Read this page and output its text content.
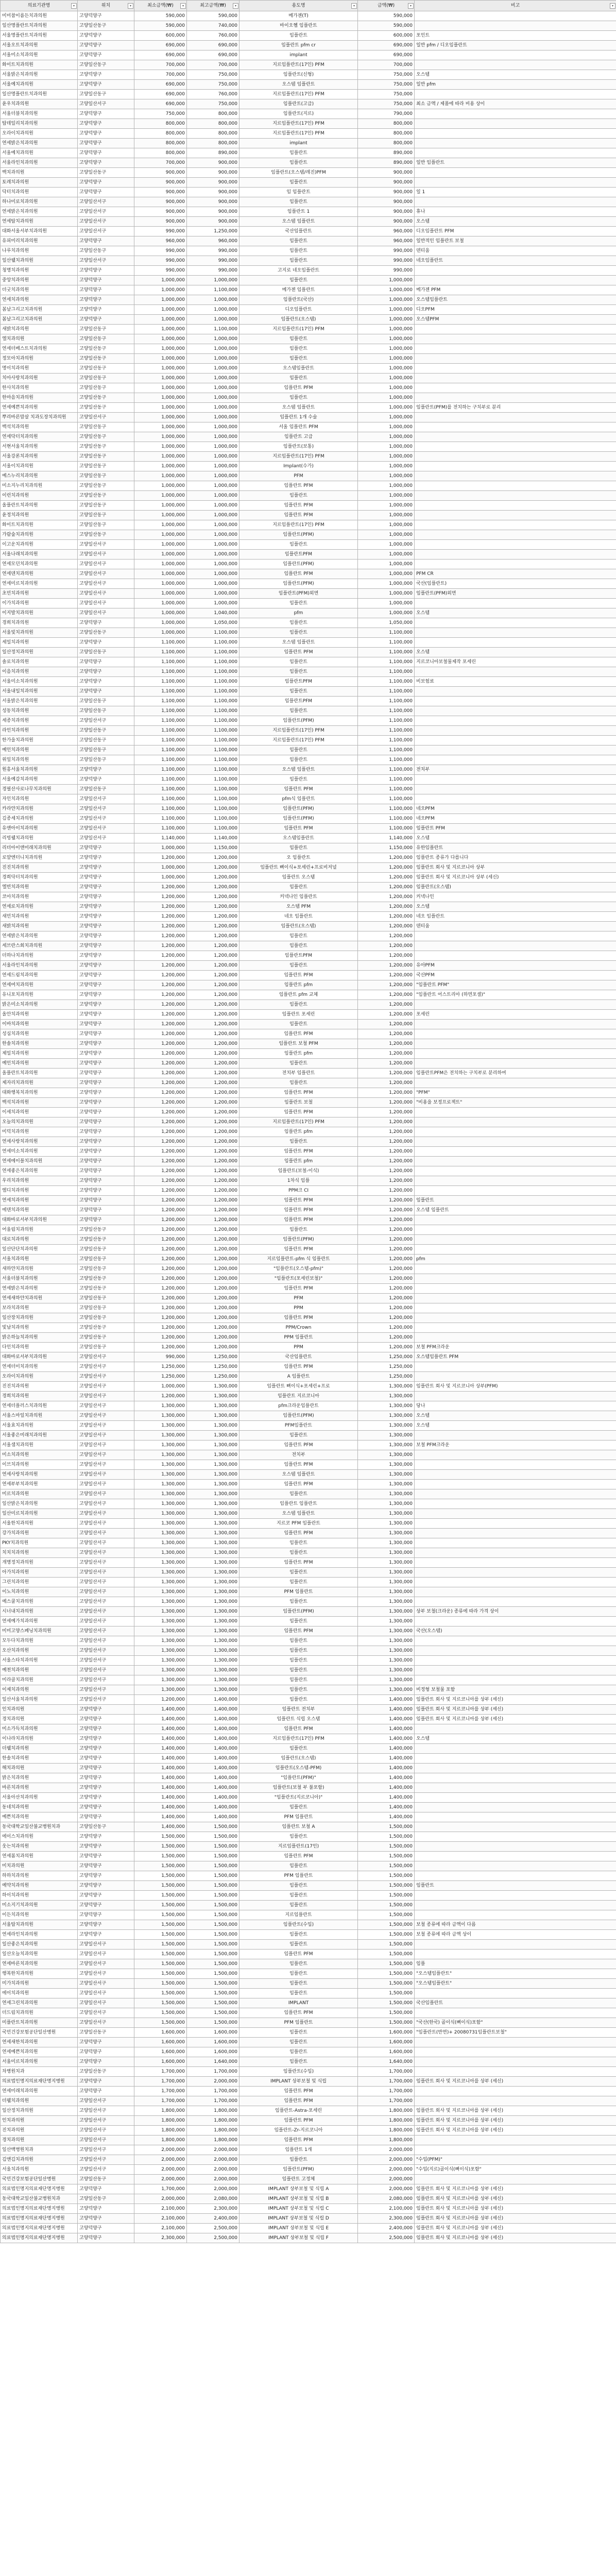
의료기관명 ▾	위치 ▾	최소금액(₩) ▾	최고금액(₩) ▾	용도명 ▾	금액(₩) ▾	비고 ▾

미미참이름든치과의원	고양덕양구	590,000	590,000	메가젠(T)	590,000	
일산명플란트치과의원	고양일산동구	590,000	740,000	바이오헴 임플란트	590,000	
서울명플란트치과의원	고양덕양구	600,000	760,000	임플란트	600,000	포인트
서울오트치과의원	고양덕양구	690,000	690,000	임플란트 pfm cr	690,000	일반 pfm / 디오임플란트
서울미소치과의원	고양덕양구	690,000	690,000	implant	690,000	
화이트치과의원	고양일산동구	700,000	700,000	지르임플란트(17인) PFM	700,000	
서울밝은치과의원	고양덕양구	700,000	750,000	임플란트(신형)	750,000	오스템
서울예치과의원	고양덕양구	690,000	750,000	오스템 임플란트	750,000	일반 pfm
일산명플란트치과의원	고양일산동구	690,000	760,000	지르임플란트(17인) PFM	750,000	
윤우치과의원	고양일산서구	690,000	750,000	임플란트(고급)	750,000	최소 금액 / 제품에 따라 비용 상이
서울더블치과의원	고양덕양구	750,000	800,000	임플란트(지르)	790,000	
탑데일리치과의원	고양덕양구	800,000	800,000	지르임플란트(17인) PFM	800,000	
오라이치과의원	고양덕양구	800,000	800,000	지르임플란트(17인) PFM	800,000	
연세밝은치과의원	고양덕양구	800,000	800,000	implant	800,000	
서울예치과의원	고양덕양구	800,000	890,000	임플란트	890,000	
서울라인치과의원	고양덕양구	700,000	900,000	임플란트	890,000	일반 임플란트
백치과의원	고양일산동구	900,000	900,000	임플란트(오스템/레진)PFM	900,000	
토레치과의원	고양덕양구	900,000	900,000	임플란트	900,000	
닥터치과의원	고양덕양구	900,000	900,000	임 임플란트	900,000	일 1
하나미로치과의원	고양일산서구	900,000	900,000	임플란트	900,000	
연세밝은치과의원	고양일산서구	900,000	900,000	임플란트 1	900,000	휴나
연세탑치과의원	고양일산서구	900,000	900,000	오스템 임플란트	900,000	오스템
대화서울서부치과의원	고양일산서구	990,000	1,250,000	국산임플란트	960,000	디오임플란트 PFM
유피미리치과의원	고양덕양구	960,000	960,000	임플란트	960,000	일반적인 임플란트 보철
나루치과의원	고양일산동구	990,000	990,000	임플란트	990,000	덴티움
일산웰치과의원	고양일산서구	990,000	990,000	임플란트	990,000	네오임플란트
청명치과의원	고양덕양구	990,000	990,000	고지로 네오임플란트	990,000	
중앙치과의원	고양덕양구	1,000,000	1,000,000	임플란트	1,000,000	
더굿치과의원	고양덕양구	1,000,000	1,100,000	메가젠 임플란트	1,000,000	메가젠 PFM
연세치과의원	고양덕양구	1,000,000	1,000,000	임플란트(국산)	1,000,000	오스템임플란트
봄날그리고치과의원	고양덕양구	1,000,000	1,000,000	디오임플란트	1,000,000	디오PFM
봄날그리고치과의원	고양덕양구	1,000,000	1,000,000	임플란트(오스템)	1,000,000	오스템PFM
새밝치과의원	고양일산동구	1,000,000	1,100,000	지르임플란트(17인) PFM	1,000,000	
엘치과의원	고양일산동구	1,000,000	1,000,000	임플란트	1,000,000	
연세더베스트치과의원	고양일산동구	1,000,000	1,000,000	임플란트	1,000,000	
정모아치과의원	고양일산동구	1,000,000	1,000,000	임플란트	1,000,000	
명이치과의원	고양일산동구	1,000,000	1,000,000	오스템임플란트	1,000,000	
치아사랑치과의원	고양일산동구	1,000,000	1,000,000	임플란트	1,000,000	
한사치과의원	고양일산동구	1,000,000	1,000,000	임플란트 PFM	1,000,000	
한마음치과의원	고양일산동구	1,000,000	1,000,000	임플란트	1,000,000	
연세예쁜치과의원	고양일산동구	1,000,000	1,000,000	오스템 임플란트	1,000,000	임플란트(PFM)를 전치하는 구치부로 분리
뿌리바른맘살 치과도장치과의원	고양일산서구	1,000,000	1,000,000	임플란트 1개 수술	1,000,000	
백석치과의원	고양일산동구	1,000,000	1,000,000	서울 임플란트 PFM	1,000,000	
연세닥터치과의원	고양일산동구	1,000,000	1,000,000	임플란트 고급	1,000,000	
서현서울치과의원	고양일산동구	1,000,000	1,000,000	임플란트(보통)	1,000,000	
서울강론치과의원	고양일산동구	1,000,000	1,000,000	지르임플란트(17인) PFM	1,000,000	
서울이치과의원	고양일산동구	1,000,000	1,000,000	Implant(수가)	1,000,000	
예스누리치과의원	고양일산동구	1,000,000	1,000,000	PFM	1,000,000	
미소지누리치과의원	고양일산동구	1,000,000	1,000,000	임플란트 PFM	1,000,000	
이런치과의원	고양일산동구	1,000,000	1,000,000	임플란트	1,000,000	
올플란트치과의원	고양일산동구	1,000,000	1,000,000	임플란트 PFM	1,000,000	
윤정치과의원	고양일산동구	1,000,000	1,000,000	임플란트 PFM	1,000,000	
화이트치과의원	고양일산동구	1,000,000	1,000,000	지르임플란트(17인) PFM	1,000,000	
가람숲치과의원	고양일산동구	1,000,000	1,000,000	임플란트(PFM)	1,000,000	
이고운치과의원	고양일산서구	1,000,000	1,000,000	임플란트	1,000,000	
서울나래치과의원	고양일산서구	1,000,000	1,000,000	임플란트PFM	1,000,000	
연세모던치과의원	고양일산서구	1,000,000	1,000,000	임플란트(PFM)	1,000,000	
연세덴치과의원	고양일산서구	1,000,000	1,000,000	임플란트 PFM	1,000,000	PFM CR
연세미르치과의원	고양일산서구	1,000,000	1,000,000	임플란트(PFM)	1,000,000	국산(임플란트)
초민치과의원	고양일산서구	1,000,000	1,000,000	임플란트(PFM)외면	1,000,000	임플란트(PFM)외면
이가치과의원	고양일산서구	1,000,000	1,000,000	임플란트	1,000,000	
이지발치과의원	고양일산서구	1,000,000	1,040,000	pfm	1,000,000	오스템
경희치과의원	고양덕양구	1,000,000	1,050,000	임플란트	1,050,000	
서울빛치과의원	고양일산동구	1,000,000	1,100,000	임플란트	1,100,000	
세일치과의원	고양덕양구	1,100,000	1,100,000	오스템 임플란트	1,100,000	
일산정치과의원	고양일산동구	1,100,000	1,100,000	임플란트 PFM	1,100,000	오스템
솔로치과의원	고양덕양구	1,100,000	1,100,000	임플란트	1,100,000	지르코니아보철물제작 포세린
이음치과의원	고양덕양구	1,100,000	1,100,000	임플란트	1,100,000	
서울미소치과의원	고양덕양구	1,100,000	1,100,000	임플란트PFM	1,100,000	비보험료
서울내일치과의원	고양덕양구	1,100,000	1,100,000	임플란트	1,100,000	
서울밝은치과의원	고양일산동구	1,100,000	1,100,000	임플란트PFM	1,100,000	
성동치과의원	고양일산동구	1,100,000	1,100,000	임플란트	1,100,000	
세종치과의원	고양일산서구	1,100,000	1,100,000	임플란트(PFM)	1,100,000	
라인치과의원	고양일산동구	1,100,000	1,100,000	지르임플란트(17인) PFM	1,100,000	
한가을치과의원	고양일산동구	1,100,000	1,100,000	지르임플란트(17인) PFM	1,100,000	
예인치과의원	고양일산동구	1,100,000	1,100,000	임플란트	1,100,000	
위일치과의원	고양일산동구	1,100,000	1,100,000	임플란트	1,100,000	
원흥서울치과의원	고양덕양구	1,100,000	1,100,000	오스템 임플란트	1,100,000	전치부
서울예감치과의원	고양덕양구	1,100,000	1,100,000	임플란트	1,100,000	
경필산사로나무치과의원	고양일산동구	1,100,000	1,100,000	임플란트 PFM	1,100,000	
자인치과의원	고양일산서구	1,100,000	1,100,000	pfm식 임플란트	1,100,000	
카라얀치과의원	고양일산서구	1,100,000	1,100,000	임플란트(PFM)	1,100,000	네오PFM
김종세치과의원	고양일산서구	1,100,000	1,100,000	임플란트(PFM)	1,100,000	네오PFM
유앤아이치과의원	고양일산서구	1,100,000	1,100,000	임플란트 PFM	1,100,000	임플란트 PFM
리빙웰치과의원	고양일산서구	1,140,000	1,140,000	오스템임플란트	1,140,000	오스템
리더아이앤미래치과의원	고양덕양구	1,000,000	1,150,000	임플란트	1,150,000	유한임플란트
로얄엔터니치과의원	고양덕양구	1,200,000	1,200,000	오 임플란트	1,200,000	임플란트 종류가 다릅니다
진진치과의원	고양덕양구	1,000,000	1,200,000	임플란트 뼈이식+포세린+프로비저널	1,200,000	임플란트 회사 및 지르코니아 상부
경희닥터치과의원	고양덕양구	1,000,000	1,200,000	임플란트 오스템	1,200,000	임플란트 회사 및 지르코니아 상부 (세신)
엘빈치과의원	고양덕양구	1,200,000	1,200,000	임플란트	1,200,000	임플란트(오스템)
코아치과의원	고양덕양구	1,200,000	1,200,000	커넥나인 임플란트	1,200,000	커넥나인
연세로치과의원	고양덕양구	1,200,000	1,200,000	오스템 PFM	1,200,000	오스템
새민치과의원	고양덕양구	1,200,000	1,200,000	네오 임플란트	1,200,000	네오 임플란트
새밝치과의원	고양덕양구	1,200,000	1,200,000	임플란트(오스템)	1,200,000	덴티움
연세밝은치과의원	고양덕양구	1,200,000	1,200,000	임플란트	1,200,000	
세브란스회치과의원	고양덕양구	1,200,000	1,200,000	임플란트	1,200,000	
더하나치과의원	고양덕양구	1,200,000	1,200,000	임플란트PFM	1,200,000	
서울라인치과의원	고양덕양구	1,200,000	1,200,000	임플란트	1,200,000	유아PFM
연세드림치과의원	고양덕양구	1,200,000	1,200,000	임플란트 PFM	1,200,000	국산PFM
연세여치과의원	고양덕양구	1,200,000	1,200,000	임플란트 pfm	1,200,000	"임플란트 PFM"
유니포치과의원	고양덕양구	1,200,000	1,200,000	임플란트 pfm 교체	1,200,000	"임플란트 어스트리아 (하면포셀)"
밝은미소치과의원	고양덕양구	1,200,000	1,200,000	임플란트	1,200,000	
올안치과의원	고양덕양구	1,200,000	1,200,000	임플란트 포세린	1,200,000	포세린
이바치과의원	고양덕양구	1,200,000	1,200,000	임플란트	1,200,000	
성심치과의원	고양덕양구	1,200,000	1,200,000	임플란트 PFM	1,200,000	
한솔치과의원	고양덕양구	1,200,000	1,200,000	임플란트 보철 PFM	1,200,000	
제일치과의원	고양덕양구	1,200,000	1,200,000	임플란트 pfm	1,200,000	
예인치과의원	고양덕양구	1,200,000	1,200,000	임플란트	1,200,000	
올플란트치과의원	고양덕양구	1,200,000	1,200,000	전치부 임플란트	1,200,000	임플란트PFM은 전치하는 구치부로 분리하여
제자리치과의원	고양덕양구	1,200,000	1,200,000	임플란트	1,200,000	
대화행복치과의원	고양덕양구	1,200,000	1,200,000	임플란트 PFM	1,200,000	"PFM"
백석치과의원	고양덕양구	1,200,000	1,200,000	임플란트 보철	1,200,000	"비용을 보정프로젝트"
이세치과의원	고양덕양구	1,200,000	1,200,000	임플란트 PFM	1,200,000	
오늘의치과의원	고양덕양구	1,200,000	1,200,000	지르임플란트(17인) PFM	1,200,000	
미덕치과의원	고양덕양구	1,200,000	1,200,000	임플란트 pfm	1,200,000	
연세사랑치과의원	고양덕양구	1,200,000	1,200,000	임플란트	1,200,000	
연세미소치과의원	고양덕양구	1,200,000	1,200,000	임플란트 PFM	1,200,000	
연세에이블치과의원	고양덕양구	1,200,000	1,200,000	임플란트 pfm	1,200,000	
연세좋은치과의원	고양덕양구	1,200,000	1,200,000	임플란트(보철-이식)	1,200,000	
우리치과의원	고양덕양구	1,200,000	1,200,000	1차식 임플	1,200,000	
엠디치과의원	고양덕양구	1,200,000	1,200,000	PPM크 CI	1,200,000	
연세치과의원	고양덕양구	1,200,000	1,200,000	임플란트 PFM	1,200,000	임플란트
에덴치과의원	고양덕양구	1,200,000	1,200,000	임플란트 PFM	1,200,000	오스템 임플란트
대화바로서부치과의원	고양덕양구	1,200,000	1,200,000	임플란트 PFM	1,200,000	
어울림치과의원	고양일산동구	1,200,000	1,200,000	임플란트	1,200,000	
대로치과의원	고양일산동구	1,200,000	1,200,000	임플란트(PFM)	1,200,000	
일산단단치과의원	고양일산동구	1,200,000	1,200,000	임플란트 PFM	1,200,000	
서울치과의원	고양일산동구	1,200,000	1,200,000	지르임플란트-pfm 식 임플란트	1,200,000	pfm
새하얀치과의원	고양일산동구	1,200,000	1,200,000	"임플란트(오스템-pfm)"	1,200,000	
서울더블치과의원	고양일산동구	1,200,000	1,200,000	"임플란트(포세린보철)"	1,200,000	
연세밝은치과의원	고양일산동구	1,200,000	1,200,000	임플란트 PFM	1,200,000	
연세새하얀치과의원	고양일산동구	1,200,000	1,200,000	PFM	1,200,000	
보라치과의원	고양일산동구	1,200,000	1,200,000	PPM	1,200,000	
일산장치과의원	고양일산동구	1,200,000	1,200,000	임플란트 PFM	1,200,000	
빛남치과의원	고양일산동구	1,200,000	1,200,000	PPM/Crown	1,200,000	
밝은하늘치과의원	고양일산동구	1,200,000	1,200,000	PPM 임플란트	1,200,000	
다인치과의원	고양일산동구	1,200,000	1,200,000	PPM	1,200,000	보철 PFM크라운
대화바로서부치과의원	고양일산서구	990,000	1,250,000	국산임플란트	1,250,000	오스템임플란트 PFM
연세더미치과의원	고양일산서구	1,250,000	1,250,000	임플란트 PFM	1,250,000	
오라이치과의원	고양일산서구	1,250,000	1,250,000	A 임플란트	1,250,000	
진진치과의원	고양일산서구	1,000,000	1,300,000	임플란트 뼈이식+포세린+프로	1,300,000	임플란트 회사 및 지르코니아 상부(PFM)
경희치과의원	고양일산서구	1,200,000	1,300,000	임플란트 지르코니아	1,300,000	
연세더플러스치과의원	고양일산서구	1,300,000	1,300,000	pfm크라운임플란트	1,300,000	당나
서울스마일치과의원	고양일산서구	1,300,000	1,300,000	임플란트(PFM)	1,300,000	오스템
서울효치과의원	고양일산서구	1,300,000	1,300,000	PFM임플란트	1,300,000	오스템
서울좋은미래치과의원	고양일산서구	1,300,000	1,300,000	임플란트	1,300,000	
서울샘치과의원	고양일산서구	1,300,000	1,300,000	임플란트 PFM	1,300,000	보철 PFM크라운
미소치과의원	고양일산서구	1,300,000	1,300,000	전치부	1,300,000	
이브치과의원	고양일산서구	1,300,000	1,300,000	임플란트 PFM	1,300,000	
연세사랑치과의원	고양일산서구	1,300,000	1,300,000	오스템 임플란트	1,300,000	
연세부부치과의원	고양일산서구	1,300,000	1,300,000	임플란트 PFM	1,300,000	
미르치과의원	고양일산서구	1,300,000	1,300,000	임플란트	1,300,000	
일산밝은치과의원	고양일산서구	1,300,000	1,300,000	임플란트 임플란트	1,300,000	
일산미르치과의원	고양일산서구	1,300,000	1,300,000	오스템 임플란트	1,300,000	
서울한치과의원	고양일산서구	1,300,000	1,300,000	지르코 PFM 임플란트	1,300,000	
강가치과의원	고양일산서구	1,300,000	1,300,000	임플란트 PFM	1,300,000	
PKY치과의원	고양일산서구	1,300,000	1,300,000	임플란트	1,300,000	
치치치과의원	고양일산서구	1,300,000	1,300,000	임플란트	1,300,000	
개명정치과의원	고양일산서구	1,300,000	1,300,000	임플란트 PFM	1,300,000	
아가치과의원	고양일산서구	1,300,000	1,300,000	임플란트	1,300,000	
그린치과의원	고양일산서구	1,300,000	1,300,000	임플란트	1,300,000	
이노치과의원	고양일산서구	1,300,000	1,300,000	PFM 임플란트	1,300,000	
예스쿨치과의원	고양일산서구	1,300,000	1,300,000	임플란트	1,300,000	
시너내치과의원	고양일산서구	1,300,000	1,300,000	임플란트(PFM)	1,300,000	상부 보철(크라운) 종류에 따라 가격 상이
연세예가치과의원	고양일산서구	1,300,000	1,300,000	임플란트	1,300,000	
미미고양스페닝치과의원	고양일산서구	1,300,000	1,300,000	임플란트 PFM	1,300,000	국산(오스템)
모두다치과의원	고양일산서구	1,300,000	1,300,000	임플란트	1,300,000	
오산치과의원	고양일산서구	1,300,000	1,300,000	임플란트	1,300,000	
서울스타치과의원	고양일산서구	1,300,000	1,300,000	임플란트	1,300,000	
예천치과의원	고양일산서구	1,300,000	1,300,000	임플란트	1,300,000	
미라클치과의원	고양일산서구	1,300,000	1,300,000	임플란트	1,300,000	
이제치과의원	고양일산서구	1,300,000	1,300,000	임플란트	1,300,000	비정형 보철물 포함
일산서울치과의원	고양일산서구	1,200,000	1,400,000	임플란트	1,400,000	임플란트 회사 및 지르코니아를 상부 (세신)
인치과의원	고양덕양구	1,400,000	1,400,000	임플란트 전치부	1,400,000	임플란트 회사 및 지르코니아를 상부 (세신)
경치과의원	고양덕양구	1,400,000	1,400,000	임플란트 식립 오스템	1,400,000	임플란트 회사 및 지르코니아를 상부 (세신)
미소가득치과의원	고양덕양구	1,400,000	1,400,000	임플란트 PFM	1,400,000	
이나라치과의원	고양덕양구	1,400,000	1,400,000	지르임플란트(17인) PFM	1,400,000	오스템
더웰치과의원	고양덕양구	1,400,000	1,400,000	임플란트	1,400,000	
한솔치과의원	고양덕양구	1,400,000	1,400,000	임플란트(오스템)	1,400,000	
해치과의원	고양덕양구	1,400,000	1,400,000	임플란트(오스템-PFM)	1,400,000	
밝은치과의원	고양덕양구	1,400,000	1,400,000	"임플란트(PFM)"	1,400,000	
바른치과의원	고양덕양구	1,400,000	1,400,000	임플란트(보철 부 불포함)	1,400,000	
서울아산치과의원	고양덕양구	1,400,000	1,400,000	"임플란트(지르코니아)"	1,400,000	
동네치과의원	고양덕양구	1,400,000	1,400,000	임플란트	1,400,000	
예쁜치과의원	고양덕양구	1,400,000	1,400,000	PFM 임플란트	1,400,000	
동국대학교일산불교병원치과	고양일산동구	1,400,000	1,500,000	임플란트 보철 A	1,500,000	
에이스치과의원	고양덕양구	1,500,000	1,500,000	임플란트	1,500,000	
웃는치과의원	고양덕양구	1,500,000	1,500,000	지르임플란트(17인)	1,500,000	
연세봄치과의원	고양덕양구	1,500,000	1,500,000	임플란트 PFM	1,500,000	
미치과의원	고양덕양구	1,500,000	1,500,000	임플란트	1,500,000	
하하치과의원	고양덕양구	1,500,000	1,500,000	PFM 임플란트	1,500,000	
예약치과의원	고양덕양구	1,500,000	1,500,000	임플란트	1,500,000	임플란트
하이치과의원	고양덕양구	1,500,000	1,500,000	임플란트	1,500,000	
미소지기치과의원	고양덕양구	1,500,000	1,500,000	임플란트	1,500,000	
이든치과의원	고양덕양구	1,500,000	1,500,000	지르임플란트	1,500,000	
서울탑치과의원	고양덕양구	1,500,000	1,500,000	임플란트(수입)	1,500,000	보철 종류에 따라 금액이 다름
연세라인치과의원	고양덕양구	1,500,000	1,500,000	임플란트	1,500,000	보철 종류에 따라 금액 상이
일산좋은치과의원	고양일산서구	1,500,000	1,500,000	임플란트	1,500,000	
일산오늘치과의원	고양일산서구	1,500,000	1,500,000	임플란트 PFM	1,500,000	
연세바른치과의원	고양일산서구	1,500,000	1,500,000	임플란트	1,500,000	임플
행복한치과의원	고양일산서구	1,500,000	1,500,000	임플란트	1,500,000	"오스템임플란트"
미가치과의원	고양일산서구	1,500,000	1,500,000	임플란트	1,500,000	"오스템임플란트"
에이치과의원	고양일산서구	1,500,000	1,500,000	임플란트	1,500,000	
연세그린치과의원	고양일산서구	1,500,000	1,500,000	IMPLANT	1,500,000	국산임플란트
더드림치과의원	고양일산서구	1,500,000	1,500,000	임플란트 PFM	1,500,000	
미플란트치과의원	고양일산서구	1,500,000	1,500,000	PFM 임플란트	1,500,000	"국산(한국) 골이식(뼈이식)포함"
국민건강보험공단일산병원	고양일산동구	1,600,000	1,600,000	임플란트	1,600,000	"임플란트(반면)+ 20080731임플란트보철"
연세새한치과의원	고양덕양구	1,600,000	1,600,000	임플란트	1,600,000	
연세예쁜치과의원	고양덕양구	1,600,000	1,600,000	임플란트	1,600,000	
서울미르치과의원	고양덕양구	1,600,000	1,640,000	임플란트	1,640,000	
차병원치과	고양일산동구	1,700,000	1,700,000	임플란트(수입)	1,700,000	
의료법인명지의료재단명지병원	고양덕양구	1,700,000	2,000,000	IMPLANT 상부보철 및 식립	1,700,000	임플란트 회사 및 지르코니아를 상부 (세신)
연세미래치과의원	고양덕양구	1,700,000	1,700,000	임플란트 PFM	1,700,000	
더웰치과의원	고양일산서구	1,700,000	1,700,000	임플란트 PFM	1,700,000	
일산정치과의원	고양일산서구	1,800,000	1,800,000	임플란트-Astra-포세린	1,800,000	임플란트 회사 및 지르코니아를 상부 (세신)
인치과의원	고양일산서구	1,800,000	1,800,000	임플란트 PFM	1,800,000	임플란트 회사 및 지르코니아를 상부 (세신)
진치과의원	고양일산서구	1,800,000	1,800,000	임플란트-Zr-지르코니아	1,800,000	임플란트 회사 및 지르코니아를 상부 (세신)
경치과의원	고양일산서구	1,800,000	1,800,000	임플란트 PFM	1,800,000	
일산백병원치과	고양일산서구	2,000,000	2,000,000	임플란트 1개	2,000,000	
김앤김치과의원	고양일산서구	2,000,000	2,000,000	임플란트	2,000,000	"수입(PFM)"
서울치과의원	고양일산서구	2,000,000	2,000,000	임플란트(PFM)	2,000,000	"수입(지르)골이식(뼈이식)포함"
국민건강보험공단일산병원	고양일산동구	2,000,000	2,000,000	임플란트 고정체	2,000,000	
의료법인명지의료재단명지병원	고양덕양구	1,700,000	2,000,000	IMPLANT 상부보철 및 식립 A	2,000,000	임플란트 회사 및 지르코니아를 상부 (세신)
동국대학교일산불교병원치과	고양일산동구	2,000,000	2,080,000	IMPLANT 상부보철 및 식립 B	2,080,000	임플란트 회사 및 지르코니아를 상부 (세신)
의료법인명지의료재단명지병원	고양덕양구	2,100,000	2,300,000	IMPLANT 상부보철 및 식립 C	2,100,000	임플란트 회사 및 지르코니아를 상부 (세신)
의료법인명지의료재단명지병원	고양덕양구	2,100,000	2,400,000	IMPLANT 상부보철 및 식립 D	2,300,000	임플란트 회사 및 지르코니아를 상부 (세신)
의료법인명지의료재단명지병원	고양덕양구	2,100,000	2,500,000	IMPLANT 상부보철 및 식립 E	2,400,000	임플란트 회사 및 지르코니아를 상부 (세신)
의료법인명지의료재단명지병원	고양덕양구	2,300,000	2,500,000	IMPLANT 상부보철 및 식립 F	2,500,000	임플란트 회사 및 지르코니아를 상부 (세신)
